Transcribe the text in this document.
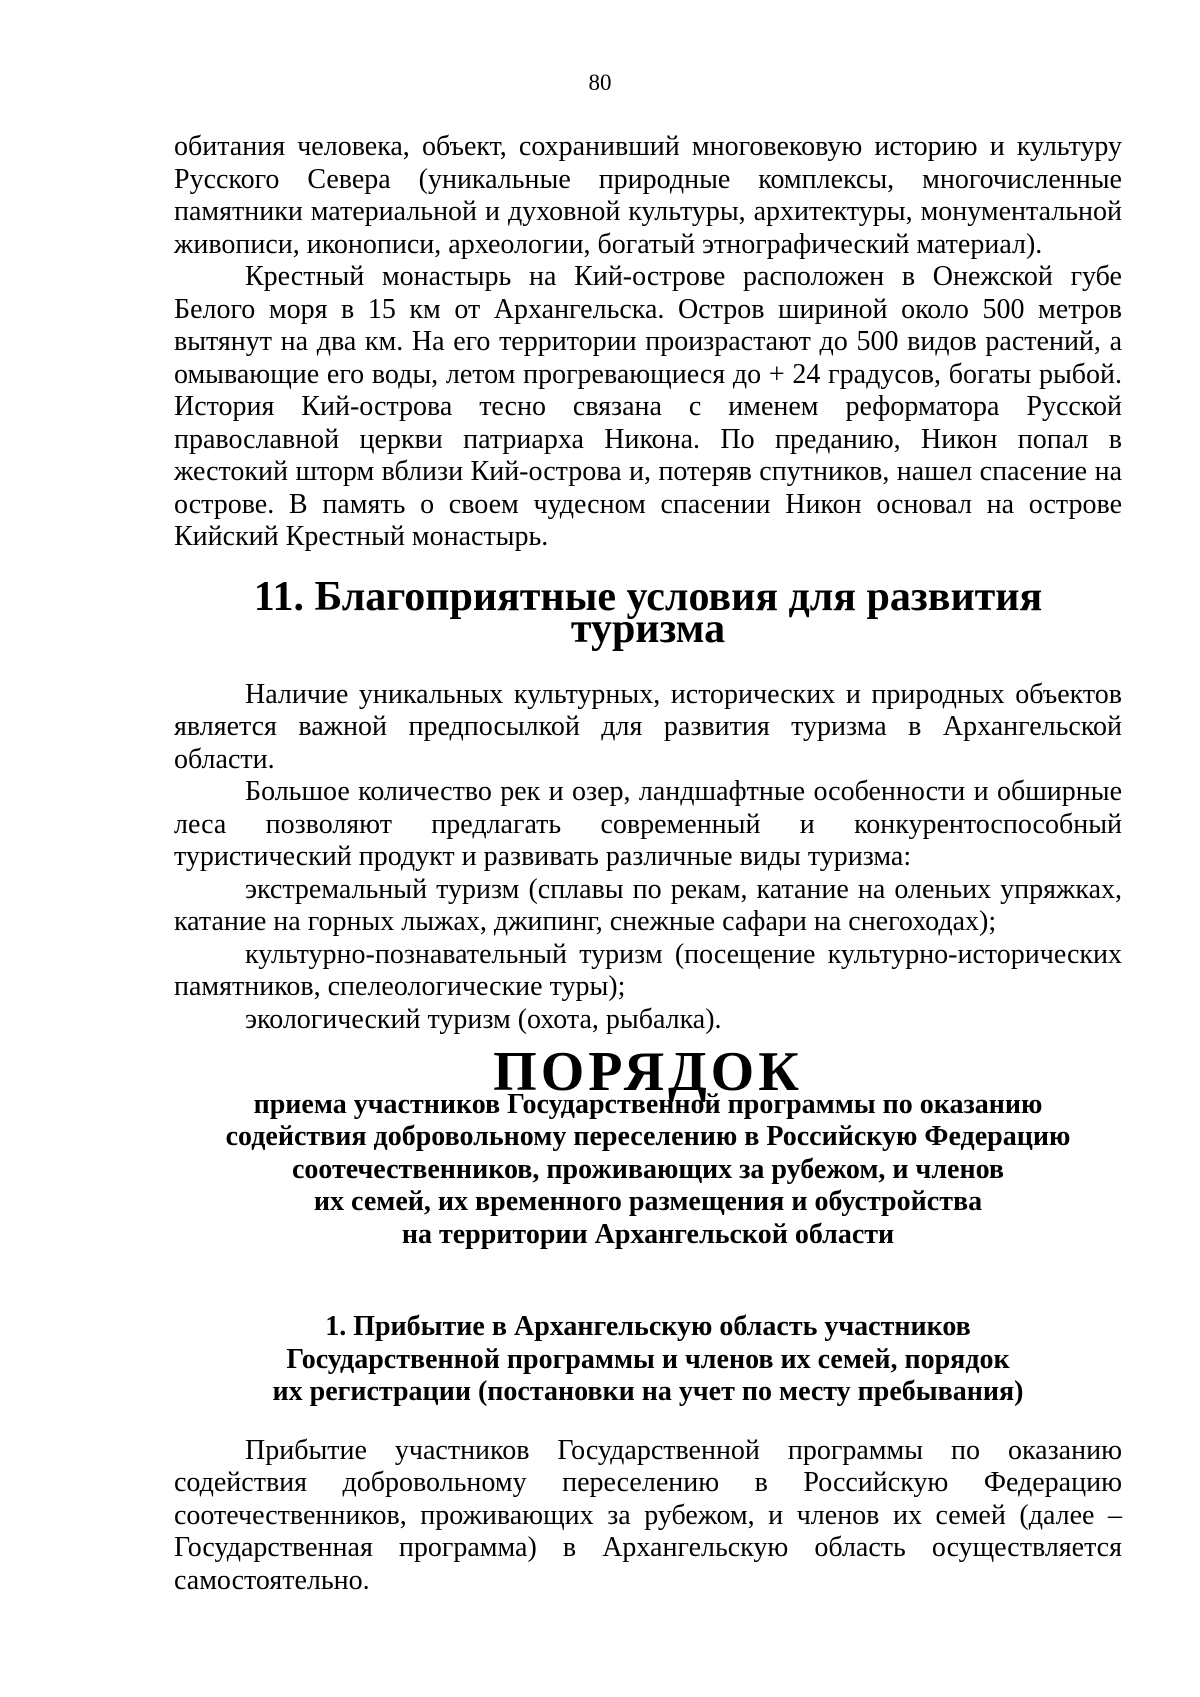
80

обитания человека, объект, сохранивший многовековую историю и культуру Русского Севера (уникальные природные комплексы, многочисленные памятники материальной и духовной культуры, архитектуры, монументальной живописи, иконописи, археологии, богатый этнографический материал).

Крестный монастырь на Кий-острове расположен в Онежской губе Белого моря в 15 км от Архангельска. Остров шириной около 500 метров вытянут на два км. На его территории произрастают до 500 видов растений, а омывающие его воды, летом прогревающиеся до + 24 градусов, богаты рыбой. История Кий-острова тесно связана с именем реформатора Русской православной церкви патриарха Никона. По преданию, Никон попал в жестокий шторм вблизи Кий-острова и, потеряв спутников, нашел спасение на острове. В память о своем чудесном спасении Никон основал на острове Кийский Крестный монастырь.

11. Благоприятные условия для развития туризма

Наличие уникальных культурных, исторических и природных объектов является важной предпосылкой для развития туризма в Архангельской области.

Большое количество рек и озер, ландшафтные особенности и обширные леса позволяют предлагать современный и конкурентоспособный туристический продукт и развивать различные виды туризма:

экстремальный туризм (сплавы по рекам, катание на оленьих упряжках, катание на горных лыжах, джипинг, снежные сафари на снегоходах);

культурно-познавательный туризм (посещение культурно-исторических памятников, спелеологические туры);

экологический туризм (охота, рыбалка).

ПОРЯДОК
приема участников Государственной программы по оказанию
содействия добровольному переселению в Российскую Федерацию
соотечественников, проживающих за рубежом, и членов
их семей, их временного размещения и обустройства
на территории Архангельской области
1. Прибытие в Архангельскую область участников
Государственной программы и членов их семей, порядок
их регистрации (постановки на учет по месту пребывания)

Прибытие участников Государственной программы по оказанию содействия добровольному переселению в Российскую Федерацию соотечественников, проживающих за рубежом, и членов их семей (далее – Государственная программа) в Архангельскую область осуществляется самостоятельно.
